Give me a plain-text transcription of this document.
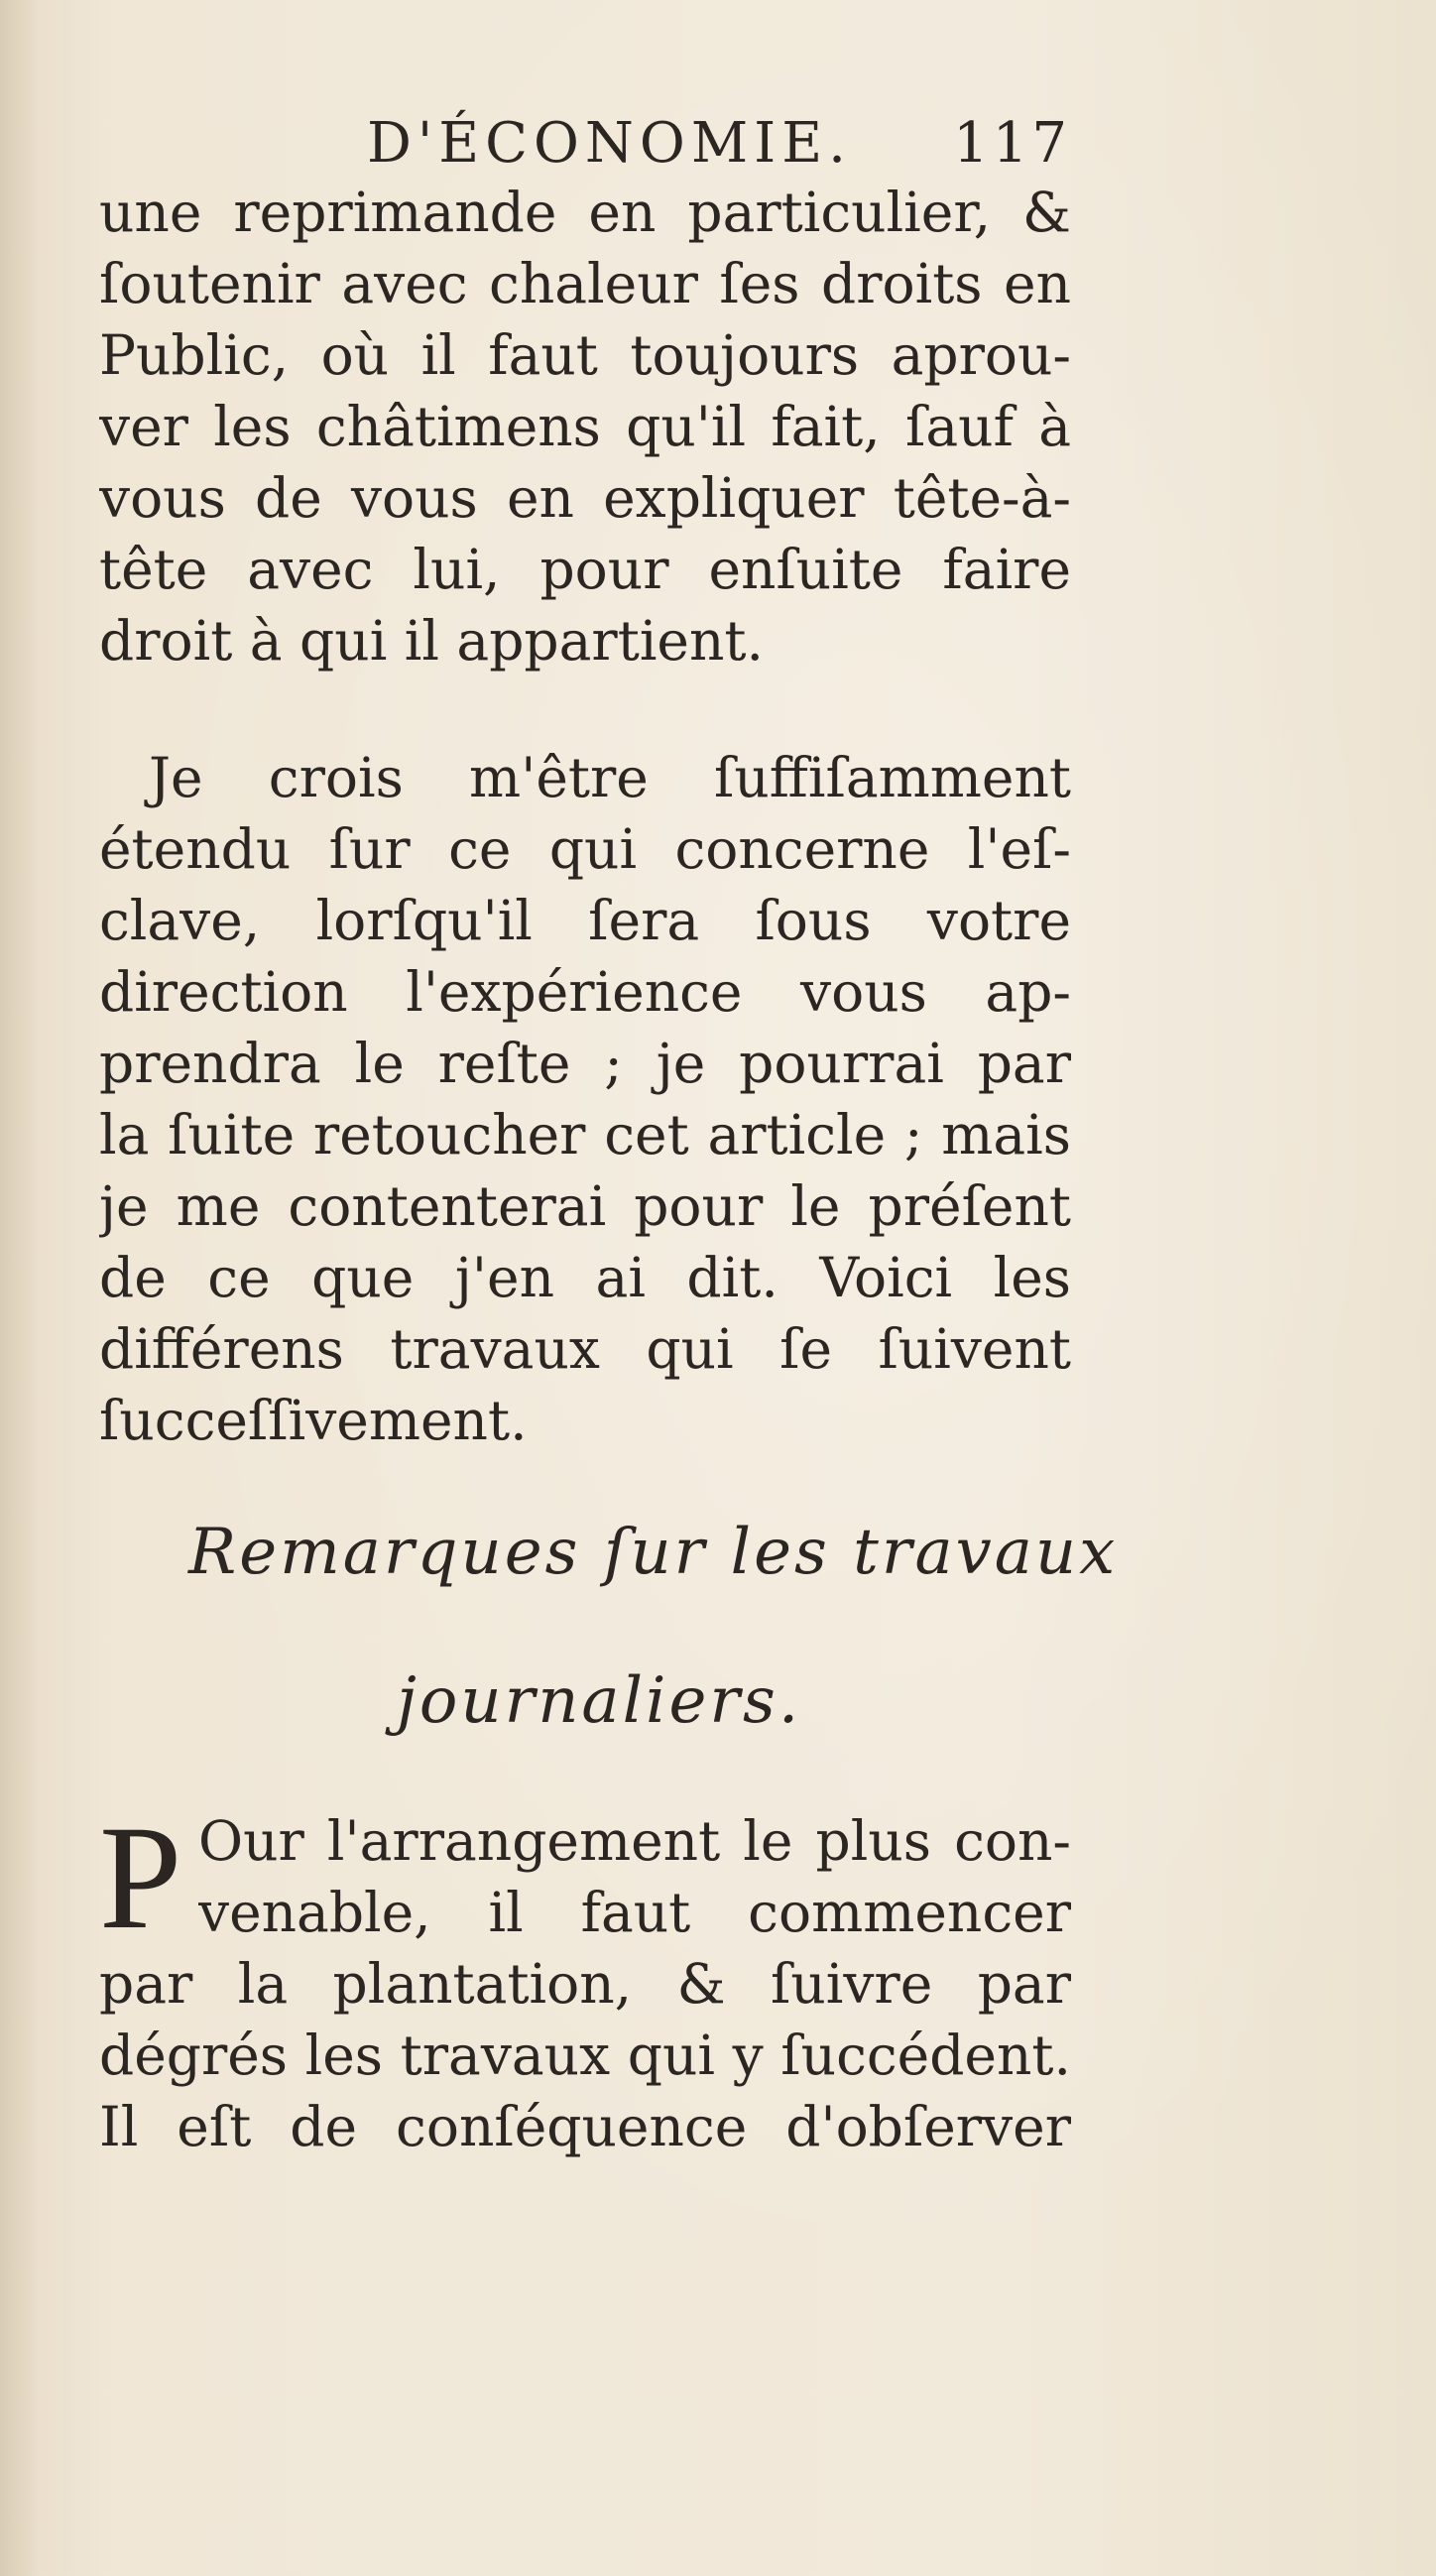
D'ÉCONOMIE. 117
une reprimande en particulier, &
ſoutenir avec chaleur ſes droits en
Public, où il faut toujours aprou-
ver les châtimens qu'il fait, ſauf à
vous de vous en expliquer tête-à-
tête avec lui, pour enſuite faire
droit à qui il appartient.
Je crois m'être ſuffiſamment
étendu ſur ce qui concerne l'eſ-
clave, lorſqu'il ſera ſous votre
direction l'expérience vous ap-
prendra le reſte ; je pourrai par
la ſuite retoucher cet article ; mais
je me contenterai pour le préſent
de ce que j'en ai dit. Voici les
différens travaux qui ſe ſuivent
ſucceſſivement.
Remarques ſur les travaux
journaliers.
P Our l'arrangement le plus con-
venable, il faut commencer
par la plantation, & ſuivre par
dégrés les travaux qui y ſuccédent.
Il eſt de conſéquence d'obſerver
